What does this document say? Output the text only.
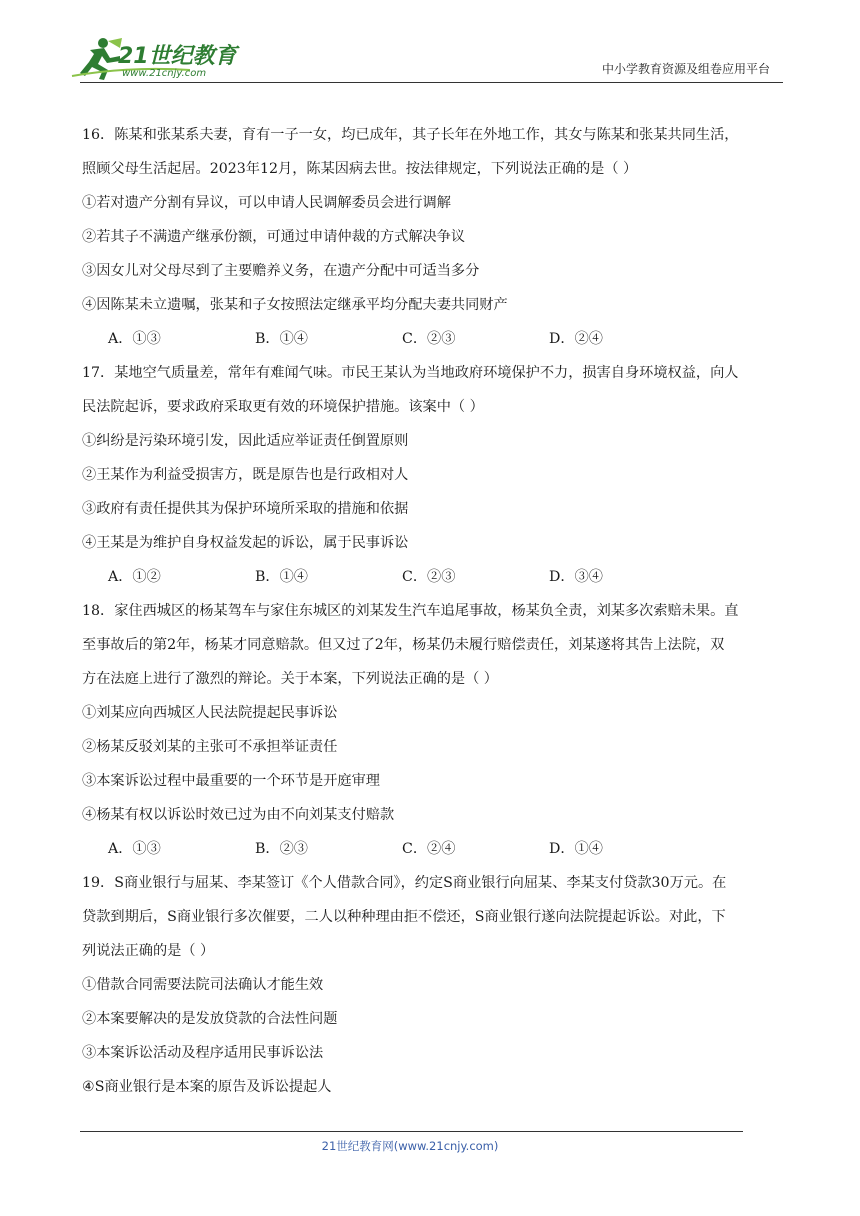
21世纪教育
www.21cnjy.com	中小学教育资源及组卷应用平台

16．陈某和张某系夫妻，育有一子一女，均已成年，其子长年在外地工作，其女与陈某和张某共同生活，

照顾父母生活起居。2023年12月，陈某因病去世。按法律规定，下列说法正确的是（ ）

①若对遗产分割有异议，可以申请人民调解委员会进行调解

②若其子不满遗产继承份额，可通过申请仲裁的方式解决争议

③因女儿对父母尽到了主要赡养义务，在遗产分配中可适当多分

④因陈某未立遗嘱，张某和子女按照法定继承平均分配夫妻共同财产

A．①③	B．①④	C．②③	D．②④

17．某地空气质量差，常年有难闻气味。市民王某认为当地政府环境保护不力，损害自身环境权益，向人

民法院起诉，要求政府采取更有效的环境保护措施。该案中（ ）

①纠纷是污染环境引发，因此适应举证责任倒置原则

②王某作为利益受损害方，既是原告也是行政相对人

③政府有责任提供其为保护环境所采取的措施和依据

④王某是为维护自身权益发起的诉讼，属于民事诉讼

A．①②	B．①④	C．②③	D．③④

18．家住西城区的杨某驾车与家住东城区的刘某发生汽车追尾事故，杨某负全责，刘某多次索赔未果。直

至事故后的第2年，杨某才同意赔款。但又过了2年，杨某仍未履行赔偿责任，刘某遂将其告上法院，双

方在法庭上进行了激烈的辩论。关于本案，下列说法正确的是（ ）

①刘某应向西城区人民法院提起民事诉讼

②杨某反驳刘某的主张可不承担举证责任

③本案诉讼过程中最重要的一个环节是开庭审理

④杨某有权以诉讼时效已过为由不向刘某支付赔款

A．①③	B．②③	C．②④	D．①④

19．S商业银行与屈某、李某签订《个人借款合同》，约定S商业银行向屈某、李某支付贷款30万元。在

贷款到期后，S商业银行多次催要，二人以种种理由拒不偿还，S商业银行遂向法院提起诉讼。对此，下

列说法正确的是（ ）

①借款合同需要法院司法确认才能生效

②本案要解决的是发放贷款的合法性问题

③本案诉讼活动及程序适用民事诉讼法

④S商业银行是本案的原告及诉讼提起人

21世纪教育网(www.21cnjy.com)
